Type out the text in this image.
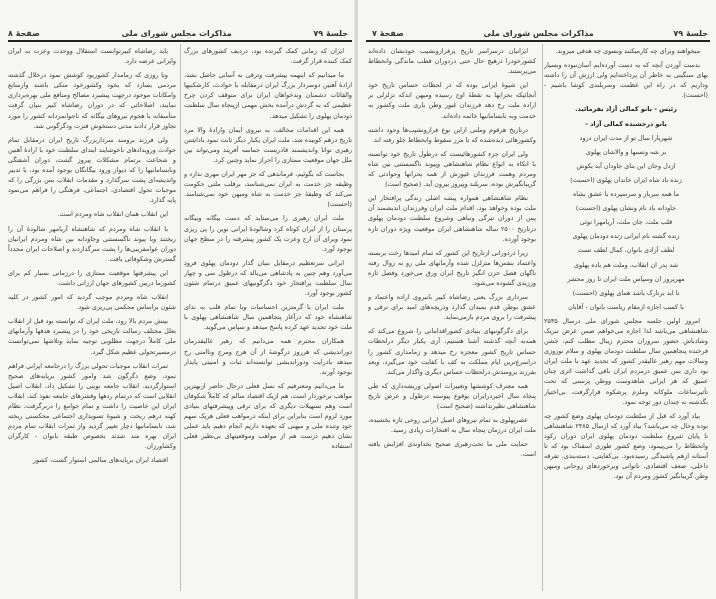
جلسهٔ ۷۹
مذاکرات مجلس شورای ملی
صفحهٔ ۸

ایران که زمانی کمک گیرنده بود، دردیف کشورهای بزرگ کمک کننده قرار گرفت.

ما میدانیم که اینهمه پیشرفت وترقی به آسانی حاصل نشد، ارادهٔ آهنین دوسردار بزرگ ایران درمقابله با حوادث، کارشکنیها والقائات دشمنان وبدخواهان ایران برای متوقف کردن چرخ عظیمی که به گردش درآمده بخش مهمی ازپنجاه سال سلطنت دودمان پهلوی را تشکیل میدهد.

همه این اقدامات مخالف، به نیروی ایمان وارادهٔ والا مرد تاریخ درهم کوبیده شد، ملت ایران یکبار دیگر ثابت نمود باداشتن رهبری توانا واندیشمند قادریست حماسه آفریند ومی‌تواند بین ملل جهان موقعیت ممتازی را احراز نماید وچنین کرد.

بجاست که بگوئیم، فرماندهی که جز مهر ایران مهری ندارد و وظیفه جز خدمت به ایران نمی‌شناسد، برقلب ملتی حکومت می‌کند که وظیفهٔ جز خدمت به شاه ومیهن خود نمی‌شناسد. (احسنت)

ملت ایران رهبری را می‌ستاید که دست بیگانه وبیگانه پرستان را از ایران کوتاه کرد وشالودهٔ ایرانی نوین را پی ریزی نمود وبرای آن ارج وعزت یک کشور پیشرفته را در سطح جهان بوجود آورد.

ایرانی سرتعظیم درمقابل بنیان گذار دودمان پهلوی فرود می‌آورد وهم چنین به پادشاهی می‌بالد که درطول سی و چهار سال سلطنت پرافتخار خود دگرگونیهای عمیق درتمام شئون کشور بوجود آورد.

ملت ایران با گرمترین احساسات وبا تمام قلب به ندای شاهنشاه خود که درآغاز پنجاهمین سال شاهنشاهی پهلوی با ملت خود تجدید عهد کرده پاسخ میدهد و سپاس می‌گوید.

همکاران محترم همه می‌دانیم که رهبر عالیقدرمان دوراندیشی که هرروز درگوشهٔ از آن هرج ومرج وناامنی رخ میدهد بادرایت ودوراندیشی توانسته‌اند ثبات و امنیتی پایدار بوجود آورند.

ما می‌دانیم ومعترفیم که نسل فعلی درحال حاضر ازبهترین مواهب برخوردار است، هم ازیک اقتصاد سالم که کاملاً شکوفان است وهم تسهیلات دیگری که برای ترقی وپیشرفتهای بنیادی مورد لزوم است بنابراین برای اینکه درمواهب فعلی هریک سهم خود وتنده ملی و میهنی که بعهده داریم انجام دهیم باید عملی نشان دهیم درست هم از مواهب وموقعیتهای بی‌نظیر فعلی استفاده

باید رضاشاه کبیرتوانست استقلال ووحدت وعزت به ایران وایرانی عرضه دارد.

وتا روزی که زمامدار کشوربود کوشش نمود درخلال گذشته مردمی بسازد که بخود وکشورخود متکی باشند وازمنابع وامکانات موجود درجهت پیشبرد مصالح ومنافع ملی بهره‌برداری نمایند، اصلاحاتی که در دوران رضاشاه کبیر بنیان گرفت متأسفانه با هجوم نیروهای بیگانه که ناجوانمردانه کشور را مورد تجاوز قرار دادند مدتی دستخوش فترت ودگرگونی شد.

ولی فرزند برومند سرداربزرگ تاریخ ایران درمقابل تمام حوادث ورویدادهای ناخوشایند ابتدای سلطنت خود با ارادهٔ آهنین و شجاعت برتمام مشکلات پیروز گشت، دوران آشفتگی ونابسامانیها را که دیوار ورود بیگانگان بوجود آمده بود، با تدبیر واندیشه‌ای پشت سرگذارد و مقدمات انقلاب بس بزرگی را که موجبات تحول اقتصادی، اجتماعی، فرهنگی را فراهم می‌نمود پایه گذارد.

این انقلاب همان انقلاب شاه ومردم است.

با انقلاب شاه ومردم که شاهنشاه آریامهر شالودهٔ آن را ریختند وبا پیوند ناگسستنی وجاودانه بین شاه ومردم ایرانیان دوران عوامفریبی‌ها را پشت سرگذاردند و اصلاحات ایران مجدداً گسترش وشکوفائی یافت.

این پیشرفتها موقعیت ممتازی را درزمانی بسیار کم برای کشورما دربین کشورهای جهان ارزانی داشت.

انقلاب شاه ومردم موجب گردید که امور کشور در کلیه شئون براساس محکمی پی‌ریزی شود.

بینش مردم بالا رود، ملت ایران که توانسته بود قبل از انقلاب بعلل مختلف رسالت تاریخی خود را در پیشبرد هدفها وآرمانهای ملی کاملاً درجهت مطلوبی توجیه نماید وتلاشها نمی‌توانست درمسیرتحولی عظیم شکل گیرد.

ثمرات انقلاب موجبات تحولی بزرگ را درجامعه ایرانی فراهم نمود، وضع دگرگون شد وامور کشور برپایه‌های صحیح استوارگردید. انقلاب جامعه نوینی را تشکیل داد، انقلاب اصیل انقلابی است که درتمام ردهها وقشرهای جامعه نفوذ کند، انقلاب ایران این خاصیت را داشت و تمام جوامع را دربرگرفت، نظام کهنه درهم ریخت و شیوهٔ تسویداری اجتماعی محکسنی ریخته شد، نابسامانیها دچار تغییر گردید واز ثمرات انقلاب تمام مردم ایران بهره مند شدند بخصوص طبقه بانوان - کارگران وکشاورزان.

اقتصاد ایران برپایه‌های سالمی استوار گشت، کشور

جلسهٔ ۷۹
مذاکرات مجلس شورای ملی
صفحهٔ ۷

میخواهند وبرای چه کارمیکنند وبسوی چه هدفی میروند.

بدست آوردن آنچه که به دست آورده‌ایم آسان‌نبوده وبسیار بهای سنگینی به خاطر آن پرداخته‌ایم ولی ارزش آن را داشته وداریم که در راه این عظمت وسربلندی کوشا باشیم - (احسنت).

رئیس - بانو کمالی آزاد بفرمائید.

بانو درخشنده کمالی آزاد -

شهریارا سال تو از مدت ایران درود

بر شه ونسبها و والاشان پهلوی

ازدل وجان این بنای جاودان آبد بکوش

زنده باد شاه ایران خاندان پهلوی (احسنت)

ما همه سرباز و سرسپرده با عشق بشاه

جاودانه باد نام ونشان پهلوی (احسنت)

قلب ملت، جان ملت، آریامهرا توئی

زنده گشته نام ایرانی زنده دودمان پهلوی

لطف آزادی بانوان، کمال لطف تست

شد پدر ان انقلاب، وملت هم باده پهلوی

مهرپرور ان وسپاس ملت ایران تا روز محشر

تا ابد برتارک باشد هماى پهلوى (احسنت)

با کسب اجازه ازمقام ریاست بانوان - آقایان

امروز اولین جلسه مجلس شورای ملی درسال ۲۵۳۵ شاهنشاهی می‌باشد لذا اجازه می‌خواهم ضمن عرض تبریک وشادباش حضور سروران محترم زیبال مطلب کنم، جشن فرخنده پنجاهمین سال سلطنت دودمان پهلوی و سلام نوروزی وسالات مهم رهبر عالیقدر کشور که تجدید عهد با ملت ایران بود داری بس عمیق درمردم ایران باقی گذاشت اثری چنان عمیق که هر ایرانی شاهدوست ووطن پرستی که تحت تأثیرساعات ملوکانه وملزم پرشکوه قرارگرفت، بی‌اختیار بگذشته نه چندان دور توجه نمود.

بیاد آورد که قبل از سلطنت دودمان پهلوی وضع کشور چه بوده وحال چه می‌باشد؟ بیاد آورد که ازسال ۲۴۸۵ شاهنشاهی تا پایان شروع سلطنت دودمان پهلوی ایران دوران رکود وانحطاط را می‌پیمود، وضع کشور طوری اسفناک بود که تا آستانه ازهم پاشیدگی رسیده‌بود. بی‌کفایتی، دسته‌بندی، تفرقه داخلی، ضعف اقتصادی، ناتوانی وبرخوردهای روحانی ومیهن وطن گریبانگیر کشور ومردم آن بود.

ایرانیان درسراسر تاریخ پرفرازونشیب خودنشان داده‌اند کشورخودرا درهیچ حال حتی دردوران قطب ماندگی وانحطاط می‌پرستند.

این شیوهٔ ایرانی بوده که در لحظات حساس تاریخ خود آنجائیکه بحرانها به نقطهٔ اوج رسیده ومیهن اندکه تزلزلی بر اراده ملت رخ دهد فرزندان غیور وطن یاری ملت وکشور به خدمت وبه نابسامانیها خاتمه داده‌اند.

درتاریخ هرقوم وملتی ازاین نوع فرازونشیب‌ها وجود داشته وکشورهائی دیده‌شده که تا مرز سقوط وانحطاط جلو رفته اند.

ولی ایران جزء کشورهائیست که درطول تاریخ خود توانسته با اتکاء به انواع نظام شاهنشاهی وپیوند ناگسستنی بین شاه ومردم وهمت فرزندان غیورش از همه بحرانها وحوادثی که گریبانگیرش بوده، سربلند وپیروز بیرون آید. (صحیح است)

نظام شاهنشاهی همواره پیشه اصلی زندگی پرافتخار این ملت بوده وخواهد بود، اقدام ملت ایران وفرزندان اندیشمند آن پس از دوران تیرگی وتباهی وشروع سلطنت دودمان پهلوی درتاریخ ۲۵۰۰ ساله شاهنشاهی ایران موقعیت ویژه دوران تازه بوجود آورده.

زیرا دردورانی ازتاریخ این کشور که تمام امیدها رخت بربسته واعتماد بنفس‌ها متزلزل شده وآرمانهای ملی رو به زوال رفته ناگهان فصل حزن انگیز تاریخ ایران ورق می‌خورد وفصل تازه ورزیدی گشوده می‌شود.

سرداری بزرگ یعنی رضاشاه کبیر بانیروی اراده واعتماد و عشق بوطن قدم بمیدان گذارد ودریچه‌های امید برای ترقی و پیشرفت را بروی مردم بازمی‌نماید.

برای دگرگونیهای بنیادی کشوراقداماتی را شروع می‌کند که همه‌به آنچه گذشته آشنا هستیم، آری یکبار دیگر درلحظات حساس تاریخ کشور معجزه رخ میدهد و زمامداری کشور را دراسرع‌ترین ایام مملکت به کف با کفایت خود می‌گیرد، وبعد بفرزند برومندش درلحظات حساس دیگری واگذار می‌کند.

همه معترف کوششها وتغییرات اصولی وریشه‌داری که طی پنجاه سال اخیردرایران بوقوع پیوسته درطول و عرض تاریخ شاهنشاهی نظیرنداشته (صحیح است)

عصرپهلوی به تمام نیروهای اصیل ایرانی روحی تازه بخشیده، ملت ایران درزمان پنجاه سال به افتخارات زیادی رسید.

حمایت ملی ما تحت‌رهبری صحیح بخداوندی افزایش یافته است.
